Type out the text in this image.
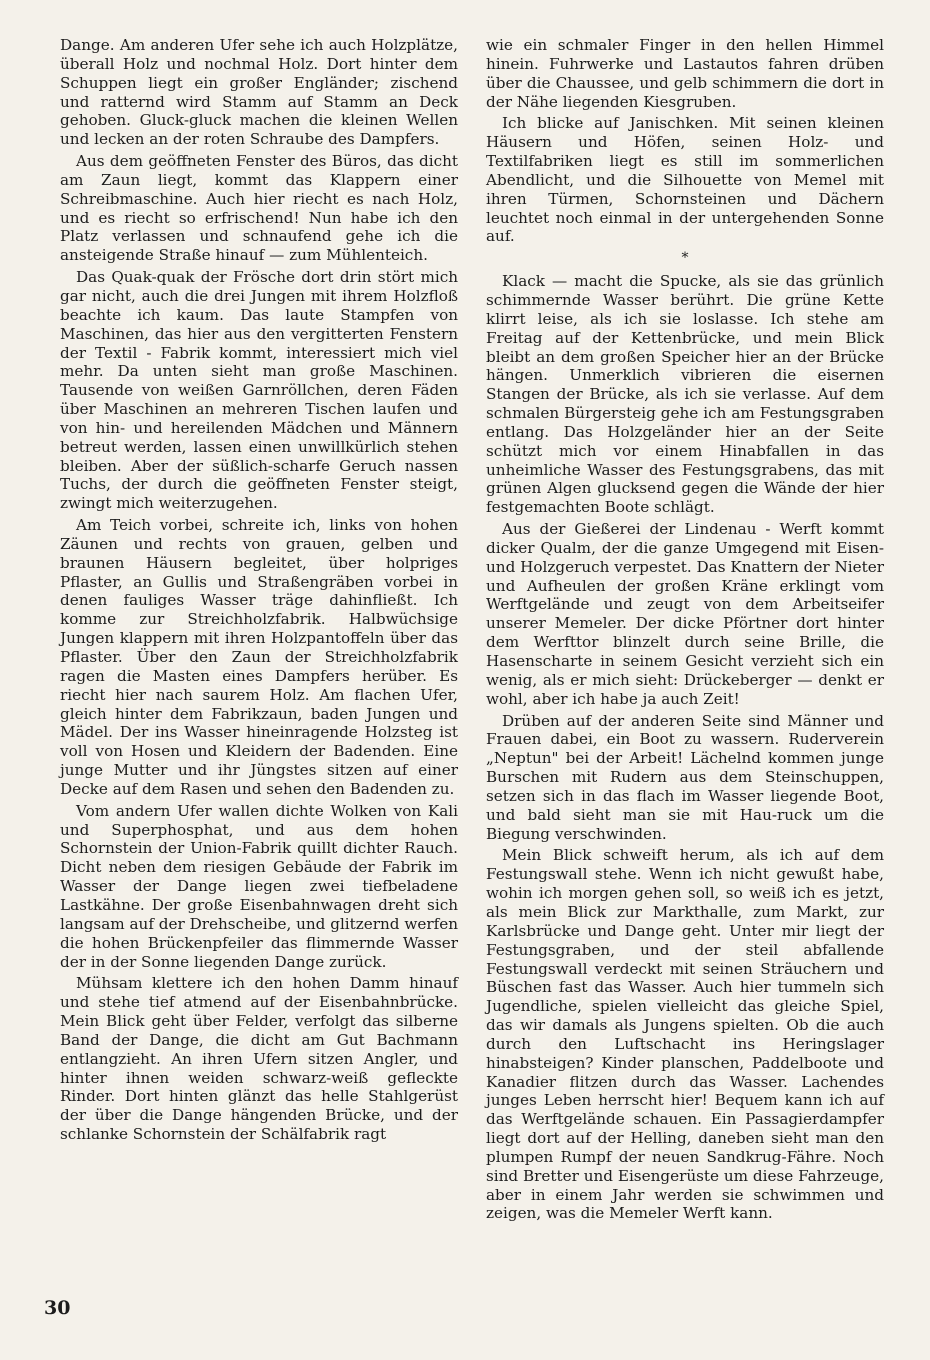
Dange. Am anderen Ufer sehe ich auch Holzplätze, überall Holz und nochmal Holz. Dort hinter dem Schuppen liegt ein großer Engländer; zischend und ratternd wird Stamm auf Stamm an Deck gehoben. Gluck-gluck machen die kleinen Wellen und lecken an der roten Schraube des Dampfers.

Aus dem geöffneten Fenster des Büros, das dicht am Zaun liegt, kommt das Klappern einer Schreibmaschine. Auch hier riecht es nach Holz, und es riecht so erfrischend! Nun habe ich den Platz verlassen und schnaufend gehe ich die ansteigende Straße hinauf — zum Mühlenteich.

Das Quak-quak der Frösche dort drin stört mich gar nicht, auch die drei Jungen mit ihrem Holzfloß beachte ich kaum. Das laute Stampfen von Maschinen, das hier aus den vergitterten Fenstern der Textil - Fabrik kommt, interessiert mich viel mehr. Da unten sieht man große Maschinen. Tausende von weißen Garnröllchen, deren Fäden über Maschinen an mehreren Tischen laufen und von hin- und hereilenden Mädchen und Männern betreut werden, lassen einen unwillkürlich stehen bleiben. Aber der süßlich-scharfe Geruch nassen Tuchs, der durch die geöffneten Fenster steigt, zwingt mich weiterzugehen.

Am Teich vorbei, schreite ich, links von hohen Zäunen und rechts von grauen, gelben und braunen Häusern begleitet, über holpriges Pflaster, an Gullis und Straßengräben vorbei in denen fauliges Wasser träge dahinfließt. Ich komme zur Streichholzfabrik. Halbwüchsige Jungen klappern mit ihren Holzpantoffeln über das Pflaster. Über den Zaun der Streichholzfabrik ragen die Masten eines Dampfers herüber. Es riecht hier nach saurem Holz. Am flachen Ufer, gleich hinter dem Fabrikzaun, baden Jungen und Mädel. Der ins Wasser hineinragende Holzsteg ist voll von Hosen und Kleidern der Badenden. Eine junge Mutter und ihr Jüngstes sitzen auf einer Decke auf dem Rasen und sehen den Badenden zu.

Vom andern Ufer wallen dichte Wolken von Kali und Superphosphat, und aus dem hohen Schornstein der Union-Fabrik quillt dichter Rauch. Dicht neben dem riesigen Gebäude der Fabrik im Wasser der Dange liegen zwei tiefbeladene Lastkähne. Der große Eisenbahnwagen dreht sich langsam auf der Drehscheibe, und glitzernd werfen die hohen Brückenpfeiler das flimmernde Wasser der in der Sonne liegenden Dange zurück.

Mühsam klettere ich den hohen Damm hinauf und stehe tief atmend auf der Eisenbahnbrücke. Mein Blick geht über Felder, verfolgt das silberne Band der Dange, die dicht am Gut Bachmann entlangzieht. An ihren Ufern sitzen Angler, und hinter ihnen weiden schwarz-weiß gefleckte Rinder. Dort hinten glänzt das helle Stahlgerüst der über die Dange hängenden Brücke, und der schlanke Schornstein der Schälfabrik ragt

wie ein schmaler Finger in den hellen Himmel hinein. Fuhrwerke und Lastautos fahren drüben über die Chaussee, und gelb schimmern die dort in der Nähe liegenden Kiesgruben.

Ich blicke auf Janischken. Mit seinen kleinen Häusern und Höfen, seinen Holz- und Textilfabriken liegt es still im sommerlichen Abendlicht, und die Silhouette von Memel mit ihren Türmen, Schornsteinen und Dächern leuchtet noch einmal in der untergehenden Sonne auf.

*

Klack — macht die Spucke, als sie das grünlich schimmernde Wasser berührt. Die grüne Kette klirrt leise, als ich sie loslasse. Ich stehe am Freitag auf der Kettenbrücke, und mein Blick bleibt an dem großen Speicher hier an der Brücke hängen. Unmerklich vibrieren die eisernen Stangen der Brücke, als ich sie verlasse. Auf dem schmalen Bürgersteig gehe ich am Festungsgraben entlang. Das Holzgeländer hier an der Seite schützt mich vor einem Hinabfallen in das unheimliche Wasser des Festungsgrabens, das mit grünen Algen glucksend gegen die Wände der hier festgemachten Boote schlägt.

Aus der Gießerei der Lindenau - Werft kommt dicker Qualm, der die ganze Umgegend mit Eisen- und Holzgeruch verpestet. Das Knattern der Nieter und Aufheulen der großen Kräne erklingt vom Werftgelände und zeugt von dem Arbeitseifer unserer Memeler. Der dicke Pförtner dort hinter dem Werfttor blinzelt durch seine Brille, die Hasenscharte in seinem Gesicht verzieht sich ein wenig, als er mich sieht: Drückeberger — denkt er wohl, aber ich habe ja auch Zeit!

Drüben auf der anderen Seite sind Männer und Frauen dabei, ein Boot zu wassern. Ruderverein „Neptun" bei der Arbeit! Lächelnd kommen junge Burschen mit Rudern aus dem Steinschuppen, setzen sich in das flach im Wasser liegende Boot, und bald sieht man sie mit Hau-ruck um die Biegung verschwinden.

Mein Blick schweift herum, als ich auf dem Festungswall stehe. Wenn ich nicht gewußt habe, wohin ich morgen gehen soll, so weiß ich es jetzt, als mein Blick zur Markthalle, zum Markt, zur Karlsbrücke und Dange geht. Unter mir liegt der Festungsgraben, und der steil abfallende Festungswall verdeckt mit seinen Sträuchern und Büschen fast das Wasser. Auch hier tummeln sich Jugendliche, spielen vielleicht das gleiche Spiel, das wir damals als Jungens spielten. Ob die auch durch den Luftschacht ins Heringslager hinabsteigen? Kinder planschen, Paddelboote und Kanadier flitzen durch das Wasser. Lachendes junges Leben herrscht hier! Bequem kann ich auf das Werftgelände schauen. Ein Passagierdampfer liegt dort auf der Helling, daneben sieht man den plumpen Rumpf der neuen Sandkrug-Fähre. Noch sind Bretter und Eisengerüste um diese Fahrzeuge, aber in einem Jahr werden sie schwimmen und zeigen, was die Memeler Werft kann.

30
